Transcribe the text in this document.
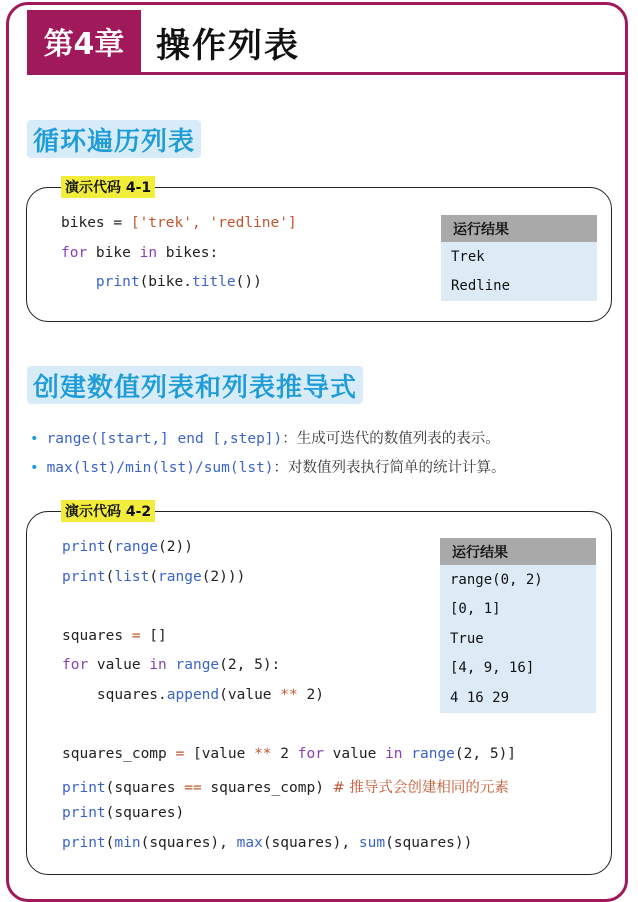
第4章 操作列表
循环遍历列表
演示代码 4-1
bikes = ['trek', 'redline']
for bike in bikes:
print(bike.title())
运行结果
Trek
Redline
创建数值列表和列表推导式
• range([start,] end [,step])：生成可迭代的数值列表的表示。
• max(lst)/min(lst)/sum(lst)：对数值列表执行简单的统计计算。
演示代码 4-2
print(range(2))
print(list(range(2)))
squares = []
for value in range(2, 5):
squares.append(value ** 2)
squares_comp = [value ** 2 for value in range(2, 5)]
print(squares == squares_comp) # 推导式会创建相同的元素
print(squares)
print(min(squares), max(squares), sum(squares))
运行结果
range(0, 2)
[0, 1]
True
[4, 9, 16]
4 16 29
